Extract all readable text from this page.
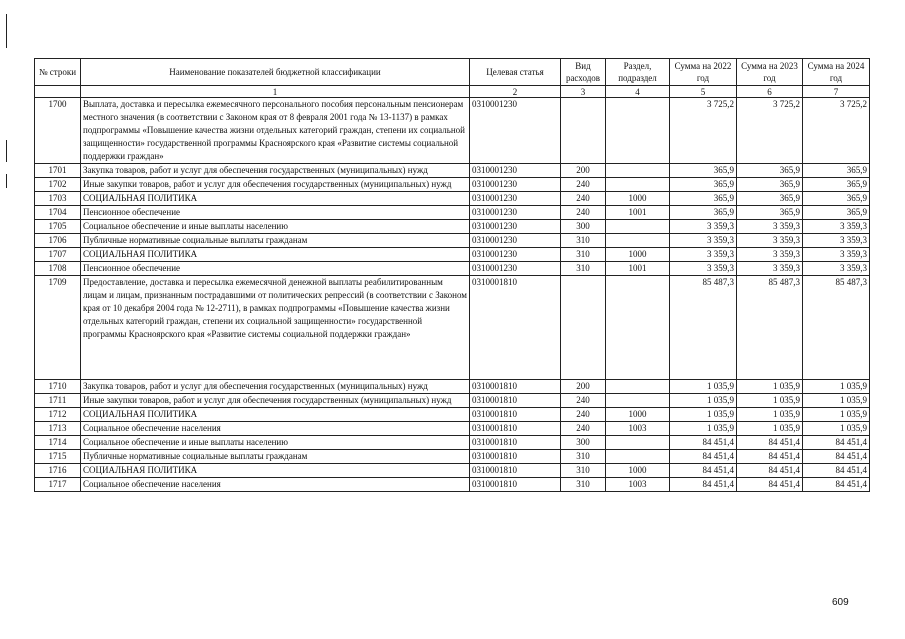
№ строки	Наименование показателей бюджетной классификации	Целевая статья	Вид расходов	Раздел, подраздел	Сумма на 2022 год	Сумма на 2023 год	Сумма на 2024 год
	1	2	3	4	5	6	7
1700	Выплата, доставка и пересылка ежемесячного персонального пособия персональным пенсионерам местного значения (в соответствии с Законом края от 8 февраля 2001 года № 13-1137) в рамках подпрограммы «Повышение качества жизни отдельных категорий граждан, степени их социальной защищенности» государственной программы Красноярского края «Развитие системы социальной поддержки граждан»	0310001230			3 725,2	3 725,2	3 725,2
1701	Закупка товаров, работ и услуг для обеспечения государственных (муниципальных) нужд	0310001230	200		365,9	365,9	365,9
1702	Иные закупки товаров, работ и услуг для обеспечения государственных (муниципальных) нужд	0310001230	240		365,9	365,9	365,9
1703	СОЦИАЛЬНАЯ ПОЛИТИКА	0310001230	240	1000	365,9	365,9	365,9
1704	Пенсионное обеспечение	0310001230	240	1001	365,9	365,9	365,9
1705	Социальное обеспечение и иные выплаты населению	0310001230	300		3 359,3	3 359,3	3 359,3
1706	Публичные нормативные социальные выплаты гражданам	0310001230	310		3 359,3	3 359,3	3 359,3
1707	СОЦИАЛЬНАЯ ПОЛИТИКА	0310001230	310	1000	3 359,3	3 359,3	3 359,3
1708	Пенсионное обеспечение	0310001230	310	1001	3 359,3	3 359,3	3 359,3
1709	Предоставление, доставка и пересылка ежемесячной денежной выплаты реабилитированным лицам и лицам, признанным пострадавшими от политических репрессий (в соответствии с Законом края от 10 декабря 2004 года № 12-2711), в рамках подпрограммы «Повышение качества жизни отдельных категорий граждан, степени их социальной защищенности» государственной программы Красноярского края «Развитие системы социальной поддержки граждан»	0310001810			85 487,3	85 487,3	85 487,3
1710	Закупка товаров, работ и услуг для обеспечения государственных (муниципальных) нужд	0310001810	200		1 035,9	1 035,9	1 035,9
1711	Иные закупки товаров, работ и услуг для обеспечения государственных (муниципальных) нужд	0310001810	240		1 035,9	1 035,9	1 035,9
1712	СОЦИАЛЬНАЯ ПОЛИТИКА	0310001810	240	1000	1 035,9	1 035,9	1 035,9
1713	Социальное обеспечение населения	0310001810	240	1003	1 035,9	1 035,9	1 035,9
1714	Социальное обеспечение и иные выплаты населению	0310001810	300		84 451,4	84 451,4	84 451,4
1715	Публичные нормативные социальные выплаты гражданам	0310001810	310		84 451,4	84 451,4	84 451,4
1716	СОЦИАЛЬНАЯ ПОЛИТИКА	0310001810	310	1000	84 451,4	84 451,4	84 451,4
1717	Социальное обеспечение населения	0310001810	310	1003	84 451,4	84 451,4	84 451,4
609
